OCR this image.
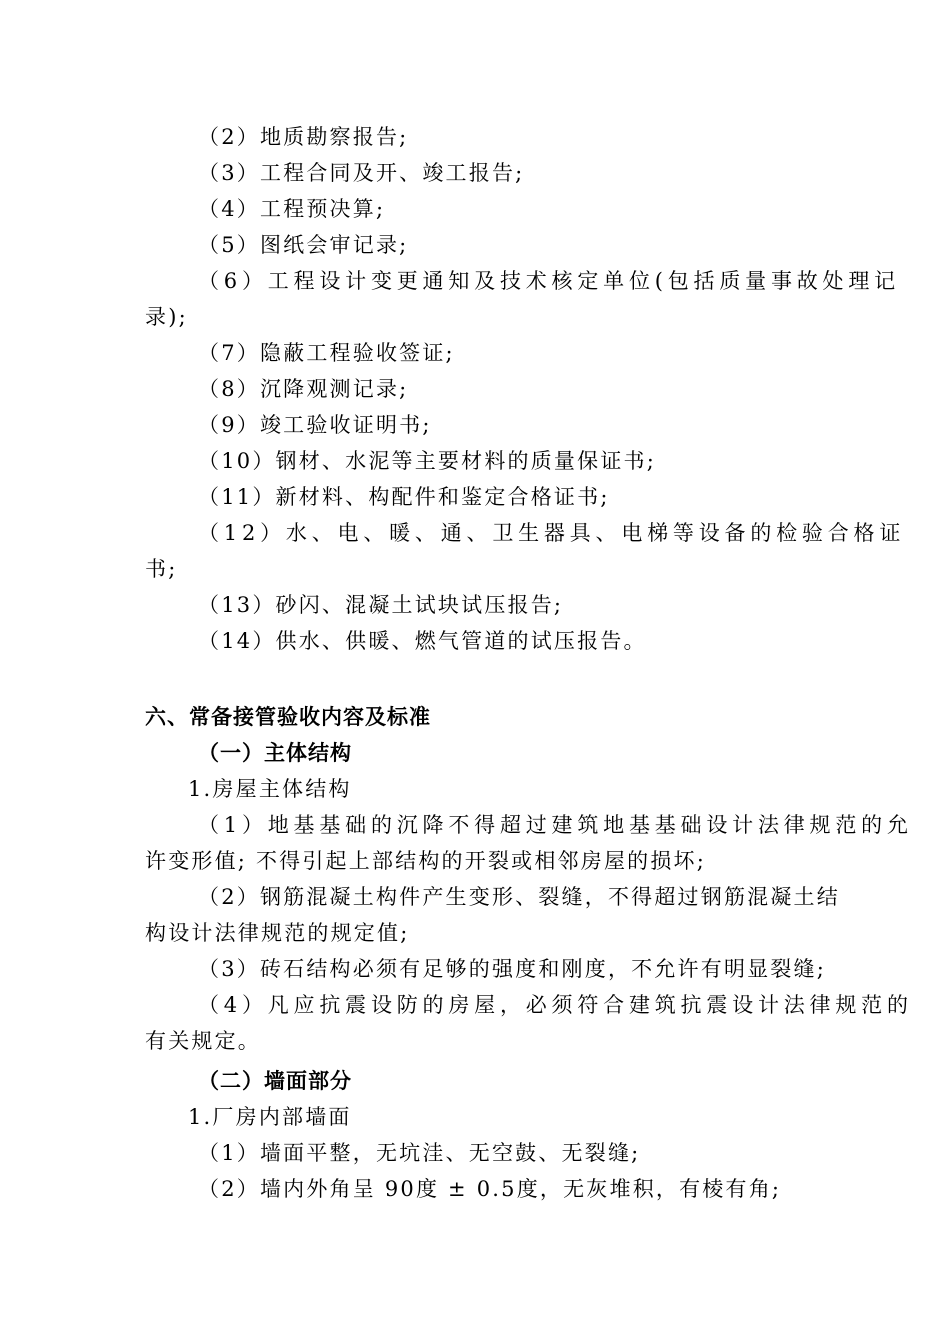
（2）地质勘察报告;
（3）工程合同及开、竣工报告;
（4）工程预决算;
（5）图纸会审记录;
（6）工程设计变更通知及技术核定单位(包括质量事故处理记
录);
（7）隐蔽工程验收签证;
（8）沉降观测记录;
（9）竣工验收证明书;
（10）钢材、水泥等主要材料的质量保证书;
（11）新材料、构配件和鉴定合格证书;
（12）水、电、暖、通、卫生器具、电梯等设备的检验合格证
书;
（13）砂闪、混凝土试块试压报告;
（14）供水、供暖、燃气管道的试压报告。
六、常备接管验收内容及标准
（一）主体结构
1.房屋主体结构
（1）地基基础的沉降不得超过建筑地基基础设计法律规范的允
许变形值; 不得引起上部结构的开裂或相邻房屋的损坏;
（2）钢筋混凝土构件产生变形、裂缝，不得超过钢筋混凝土结
构设计法律规范的规定值;
（3）砖石结构必须有足够的强度和刚度，不允许有明显裂缝;
（4）凡应抗震设防的房屋，必须符合建筑抗震设计法律规范的
有关规定。
（二）墙面部分
1.厂房内部墙面
（1）墙面平整，无坑洼、无空鼓、无裂缝;
（2）墙内外角呈 90度 ± 0.5度，无灰堆积，有棱有角;
